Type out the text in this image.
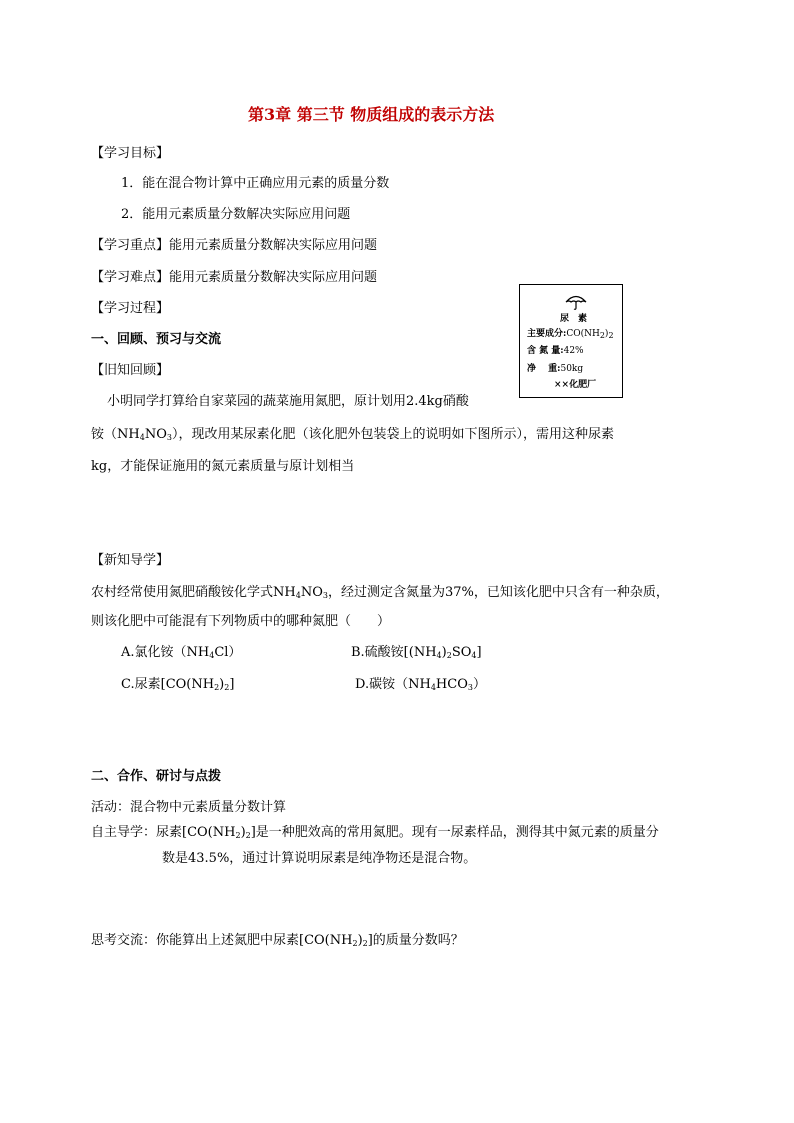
第3章 第三节 物质组成的表示方法
【学习目标】
1．能在混合物计算中正确应用元素的质量分数
2．能用元素质量分数解决实际应用问题
【学习重点】能用元素质量分数解决实际应用问题
【学习难点】能用元素质量分数解决实际应用问题
【学习过程】
一、回顾、预习与交流
【旧知回顾】
小明同学打算给自家菜园的蔬菜施用氮肥，原计划用2.4kg硝酸
铵$(NH_4NO_3)$，现改用某尿素化肥（该化肥外包装袋上的说明如下图所示），需用这种尿素
kg，才能保证施用的氮元素质量与原计划相当
尿　素
主要成分$:CO(NH_2)_2$
含 氮 量:42%
净　 重:50kg
××化肥厂
【新知导学】
农村经常使用氮肥硝酸铵化学式$NH_4NO_3$，经过测定含氮量为37%，已知该化肥中只含有一种杂质，
则该化肥中可能混有下列物质中的哪种氮肥（　　）
A.氯化铵$(NH_4Cl)$	B.硫酸铵$[(NH_4)_2SO_4]$
C.尿素$[CO(NH_2)_2]$	D.碳铵$(NH_4HCO_3)$
二、合作、研讨与点拨
活动：混合物中元素质量分数计算
自主导学：尿素$[CO(NH_2)_2]$是一种肥效高的常用氮肥。现有一尿素样品，测得其中氮元素的质量分
数是43.5%，通过计算说明尿素是纯净物还是混合物。
思考交流：你能算出上述氮肥中尿素$[CO(NH_2)_2]$的质量分数吗？
